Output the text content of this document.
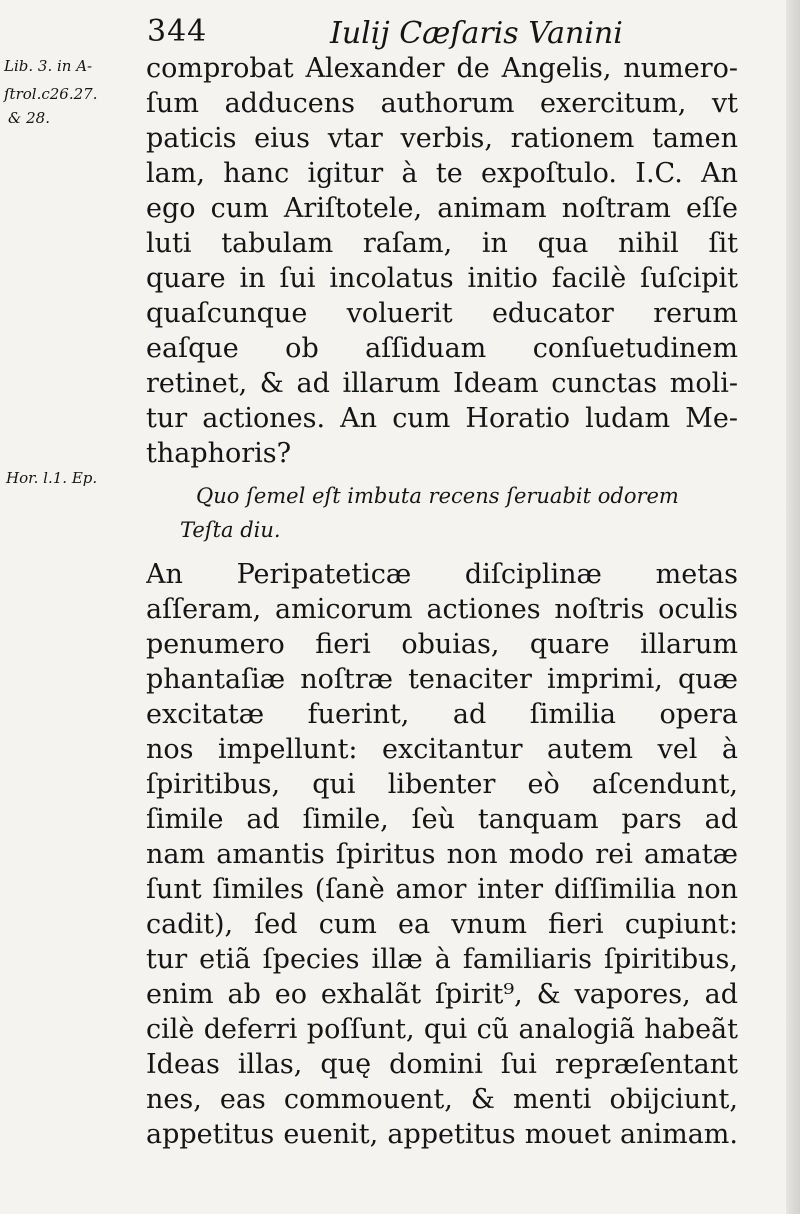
344	Iulij Cæſaris Vanini
Lib. 3. in A-
ſtrol.c26.27.
& 28.
Hor. l.1. Ep.
comprobat Alexander de Angelis, numero-
ſum adducens authorum exercitum, vt
paticis eius vtar verbis, rationem tamen
lam, hanc igitur à te expoſtulo. I.C. An
ego cum Ariſtotele, animam noſtram eſſe
luti tabulam raſam, in qua nihil ſit
quare in ſui incolatus initio facilè ſuſcipit
quaſcunque voluerit educator rerum
eaſque ob aſſiduam conſuetudinem
retinet, & ad illarum Ideam cunctas moli-
tur actiones. An cum Horatio ludam Me-
thaphoris?
Quo ſemel eſt imbuta recens ſeruabit odorem
Teſta diu.
An Peripateticæ diſciplinæ metas
aſſeram, amicorum actiones noſtris oculis
penumero fieri obuias, quare illarum
phantaſiæ noſtræ tenaciter imprimi, quæ
excitatæ fuerint, ad ſimilia opera
nos impellunt: excitantur autem vel à
ſpiritibus, qui libenter eò aſcendunt,
ſimile ad ſimile, ſeù tanquam pars ad
nam amantis ſpiritus non modo rei amatæ
ſunt ſimiles (ſanè amor inter diſſimilia non
cadit), ſed cum ea vnum fieri cupiunt:
tur etiã ſpecies illæ à familiaris ſpiritibus,
enim ab eo exhalãt ſpirit⁹, & vapores, ad
cilè deferri poſſunt, qui cũ analogiã habeãt
Ideas illas, quę domini ſui repræſentant
nes, eas commouent, & menti obijciunt,
appetitus euenit, appetitus mouet animam.
